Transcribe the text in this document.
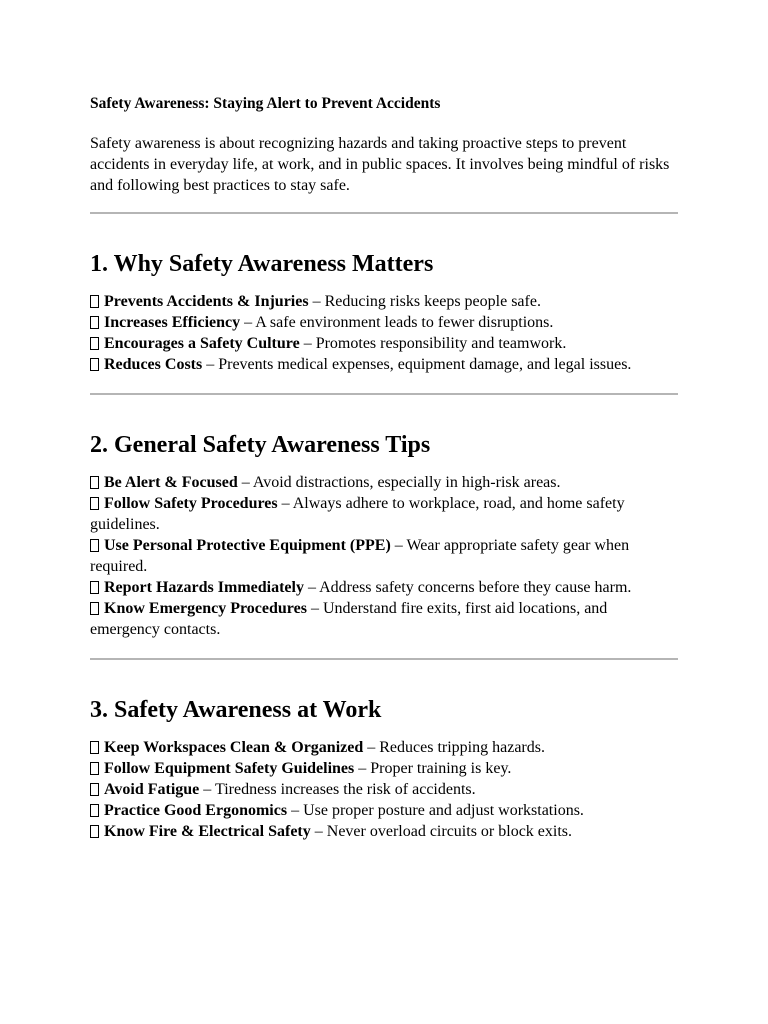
Safety Awareness: Staying Alert to Prevent Accidents

Safety awareness is about recognizing hazards and taking proactive steps to prevent accidents in everyday life, at work, and in public spaces. It involves being mindful of risks and following best practices to stay safe.

1. Why Safety Awareness Matters
Prevents Accidents & Injuries – Reducing risks keeps people safe.
Increases Efficiency – A safe environment leads to fewer disruptions.
Encourages a Safety Culture – Promotes responsibility and teamwork.
Reduces Costs – Prevents medical expenses, equipment damage, and legal issues.
2. General Safety Awareness Tips
Be Alert & Focused – Avoid distractions, especially in high-risk areas.
Follow Safety Procedures – Always adhere to workplace, road, and home safety guidelines.
Use Personal Protective Equipment (PPE) – Wear appropriate safety gear when required.
Report Hazards Immediately – Address safety concerns before they cause harm.
Know Emergency Procedures – Understand fire exits, first aid locations, and emergency contacts.
3. Safety Awareness at Work
Keep Workspaces Clean & Organized – Reduces tripping hazards.
Follow Equipment Safety Guidelines – Proper training is key.
Avoid Fatigue – Tiredness increases the risk of accidents.
Practice Good Ergonomics – Use proper posture and adjust workstations.
Know Fire & Electrical Safety – Never overload circuits or block exits.
